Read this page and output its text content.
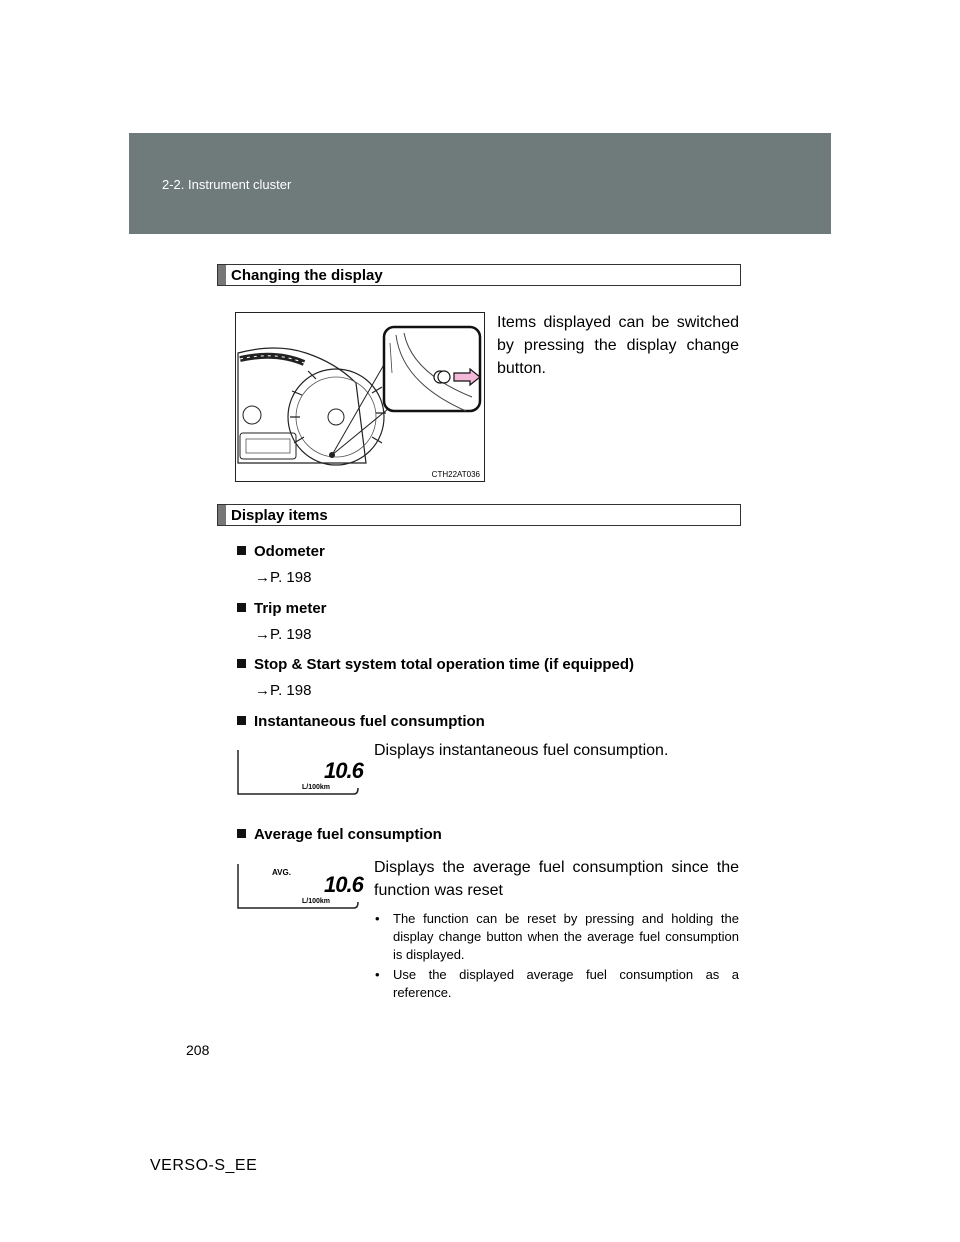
2-2. Instrument cluster
Changing the display
CTH22AT036
Items displayed can be switched by pressing the display change button.
Display items
Odometer
→P. 198
Trip meter
→P. 198
Stop & Start system total operation time (if equipped)
→P. 198
Instantaneous fuel consumption
10.6
L/100km
Displays instantaneous fuel consumption.
Average fuel consumption
AVG. 10.6
L/100km
Displays the average fuel consumption since the function was reset
• The function can be reset by pressing and holding the display change button when the average fuel consumption is displayed.
• Use the displayed average fuel consumption as a reference.
208
VERSO-S_EE
